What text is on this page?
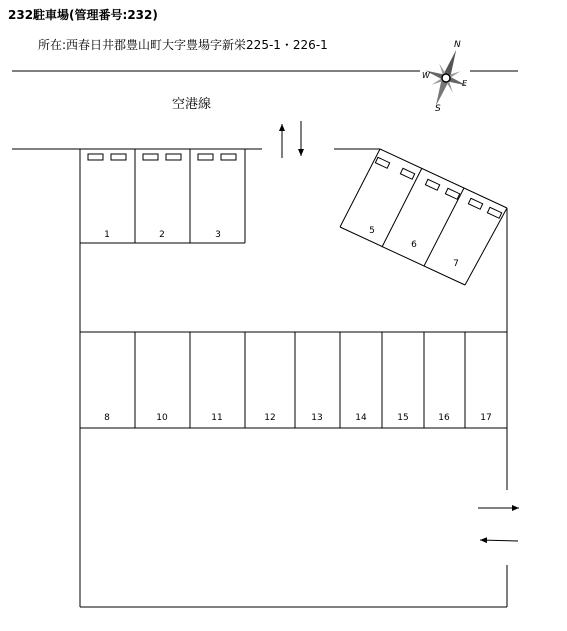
232駐車場(管理番号:232)
所在:西春日井郡豊山町大字豊場字新栄225-1・226-1
空港線
N
E
S
W
1	2	3	5
6
7
8	10	11	12	13	14	15	16	17
